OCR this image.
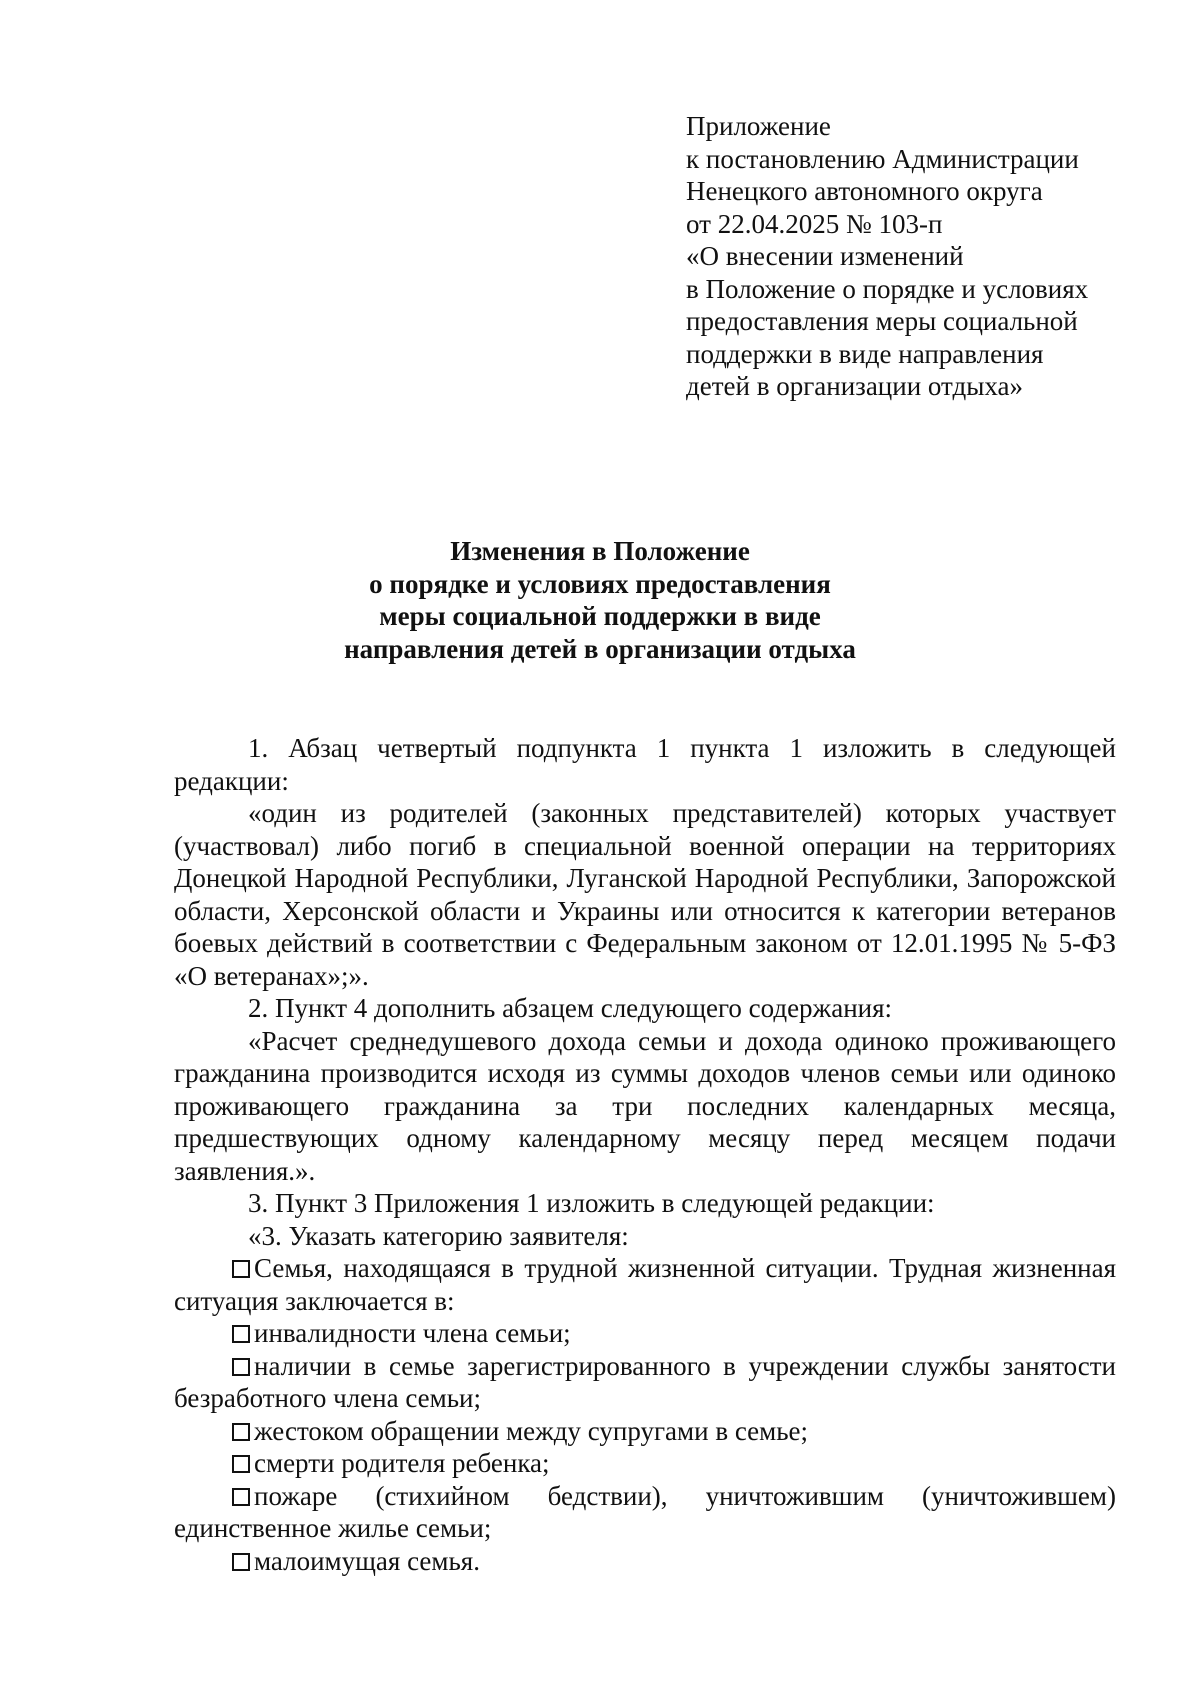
Приложение
к постановлению Администрации
Ненецкого автономного округа
от 22.04.2025 № 103-п
«О внесении изменений
в Положение о порядке и условиях
предоставления меры социальной
поддержки в виде направления
детей в организации отдыха»
Изменения в Положение
о порядке и условиях предоставления
меры социальной поддержки в виде
направления детей в организации отдыха

1. Абзац четвертый подпункта 1 пункта 1 изложить в следующей редакции:

«один из родителей (законных представителей) которых участвует (участвовал) либо погиб в специальной военной операции на территориях Донецкой Народной Республики, Луганской Народной Республики, Запорожской области, Херсонской области и Украины или относится к категории ветеранов боевых действий в соответствии с Федеральным законом от 12.01.1995 № 5-ФЗ «О ветеранах»;».

2. Пункт 4 дополнить абзацем следующего содержания:

«Расчет среднедушевого дохода семьи и дохода одиноко проживающего гражданина производится исходя из суммы доходов членов семьи или одиноко проживающего гражданина за три последних календарных месяца, предшествующих одному календарному месяцу перед месяцем подачи заявления.».

3. Пункт 3 Приложения 1 изложить в следующей редакции:

«3. Указать категорию заявителя:

Семья, находящаяся в трудной жизненной ситуации. Трудная жизненная ситуация заключается в:

инвалидности члена семьи;

наличии в семье зарегистрированного в учреждении службы занятости безработного члена семьи;

жестоком обращении между супругами в семье;

смерти родителя ребенка;

пожаре (стихийном бедствии), уничтожившим (уничтожившем) единственное жилье семьи;

малоимущая семья.
